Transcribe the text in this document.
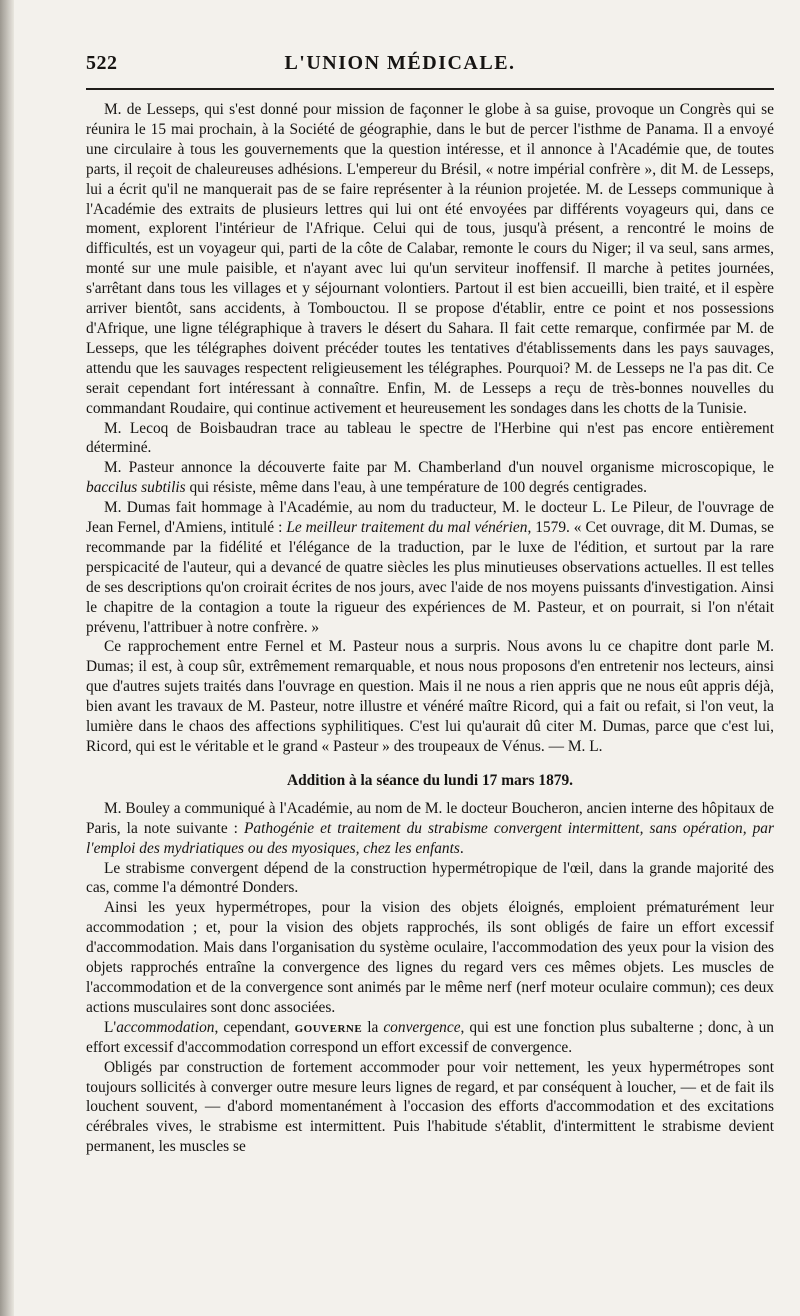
522	L'UNION MÉDICALE.

M. de Lesseps, qui s'est donné pour mission de façonner le globe à sa guise, provoque un Congrès qui se réunira le 15 mai prochain, à la Société de géographie, dans le but de percer l'isthme de Panama. Il a envoyé une circulaire à tous les gouvernements que la question intéresse, et il annonce à l'Académie que, de toutes parts, il reçoit de chaleureuses adhésions. L'empereur du Brésil, « notre impérial confrère », dit M. de Lesseps, lui a écrit qu'il ne manquerait pas de se faire représenter à la réunion projetée. M. de Lesseps communique à l'Académie des extraits de plusieurs lettres qui lui ont été envoyées par différents voyageurs qui, dans ce moment, explorent l'intérieur de l'Afrique. Celui qui de tous, jusqu'à présent, a rencontré le moins de difficultés, est un voyageur qui, parti de la côte de Calabar, remonte le cours du Niger; il va seul, sans armes, monté sur une mule paisible, et n'ayant avec lui qu'un serviteur inoffensif. Il marche à petites journées, s'arrêtant dans tous les villages et y séjournant volontiers. Partout il est bien accueilli, bien traité, et il espère arriver bientôt, sans accidents, à Tombouctou. Il se propose d'établir, entre ce point et nos possessions d'Afrique, une ligne télégraphique à travers le désert du Sahara. Il fait cette remarque, confirmée par M. de Lesseps, que les télégraphes doivent précéder toutes les tentatives d'établissements dans les pays sauvages, attendu que les sauvages respectent religieusement les télégraphes. Pourquoi? M. de Lesseps ne l'a pas dit. Ce serait cependant fort intéressant à connaître. Enfin, M. de Lesseps a reçu de très-bonnes nouvelles du commandant Roudaire, qui continue activement et heureusement les sondages dans les chotts de la Tunisie.

M. Lecoq de Boisbaudran trace au tableau le spectre de l'Herbine qui n'est pas encore entièrement déterminé.

M. Pasteur annonce la découverte faite par M. Chamberland d'un nouvel organisme microscopique, le baccilus subtilis qui résiste, même dans l'eau, à une température de 100 degrés centigrades.

M. Dumas fait hommage à l'Académie, au nom du traducteur, M. le docteur L. Le Pileur, de l'ouvrage de Jean Fernel, d'Amiens, intitulé : Le meilleur traitement du mal vénérien, 1579. « Cet ouvrage, dit M. Dumas, se recommande par la fidélité et l'élégance de la traduction, par le luxe de l'édition, et surtout par la rare perspicacité de l'auteur, qui a devancé de quatre siècles les plus minutieuses observations actuelles. Il est telles de ses descriptions qu'on croirait écrites de nos jours, avec l'aide de nos moyens puissants d'investigation. Ainsi le chapitre de la contagion a toute la rigueur des expériences de M. Pasteur, et on pourrait, si l'on n'était prévenu, l'attribuer à notre confrère. »

Ce rapprochement entre Fernel et M. Pasteur nous a surpris. Nous avons lu ce chapitre dont parle M. Dumas; il est, à coup sûr, extrêmement remarquable, et nous nous proposons d'en entretenir nos lecteurs, ainsi que d'autres sujets traités dans l'ouvrage en question. Mais il ne nous a rien appris que ne nous eût appris déjà, bien avant les travaux de M. Pasteur, notre illustre et vénéré maître Ricord, qui a fait ou refait, si l'on veut, la lumière dans le chaos des affections syphilitiques. C'est lui qu'aurait dû citer M. Dumas, parce que c'est lui, Ricord, qui est le véritable et le grand « Pasteur » des troupeaux de Vénus. — M. L.

Addition à la séance du lundi 17 mars 1879.

M. Bouley a communiqué à l'Académie, au nom de M. le docteur Boucheron, ancien interne des hôpitaux de Paris, la note suivante : Pathogénie et traitement du strabisme convergent intermittent, sans opération, par l'emploi des mydriatiques ou des myosiques, chez les enfants.

Le strabisme convergent dépend de la construction hypermétropique de l'œil, dans la grande majorité des cas, comme l'a démontré Donders.

Ainsi les yeux hypermétropes, pour la vision des objets éloignés, emploient prématurément leur accommodation ; et, pour la vision des objets rapprochés, ils sont obligés de faire un effort excessif d'accommodation. Mais dans l'organisation du système oculaire, l'accommodation des yeux pour la vision des objets rapprochés entraîne la convergence des lignes du regard vers ces mêmes objets. Les muscles de l'accommodation et de la convergence sont animés par le même nerf (nerf moteur oculaire commun); ces deux actions musculaires sont donc associées.

L'accommodation, cependant, gouverne la convergence, qui est une fonction plus subalterne ; donc, à un effort excessif d'accommodation correspond un effort excessif de convergence.

Obligés par construction de fortement accommoder pour voir nettement, les yeux hypermétropes sont toujours sollicités à converger outre mesure leurs lignes de regard, et par conséquent à loucher, — et de fait ils louchent souvent, — d'abord momentanément à l'occasion des efforts d'accommodation et des excitations cérébrales vives, le strabisme est intermittent. Puis l'habitude s'établit, d'intermittent le strabisme devient permanent, les muscles se
